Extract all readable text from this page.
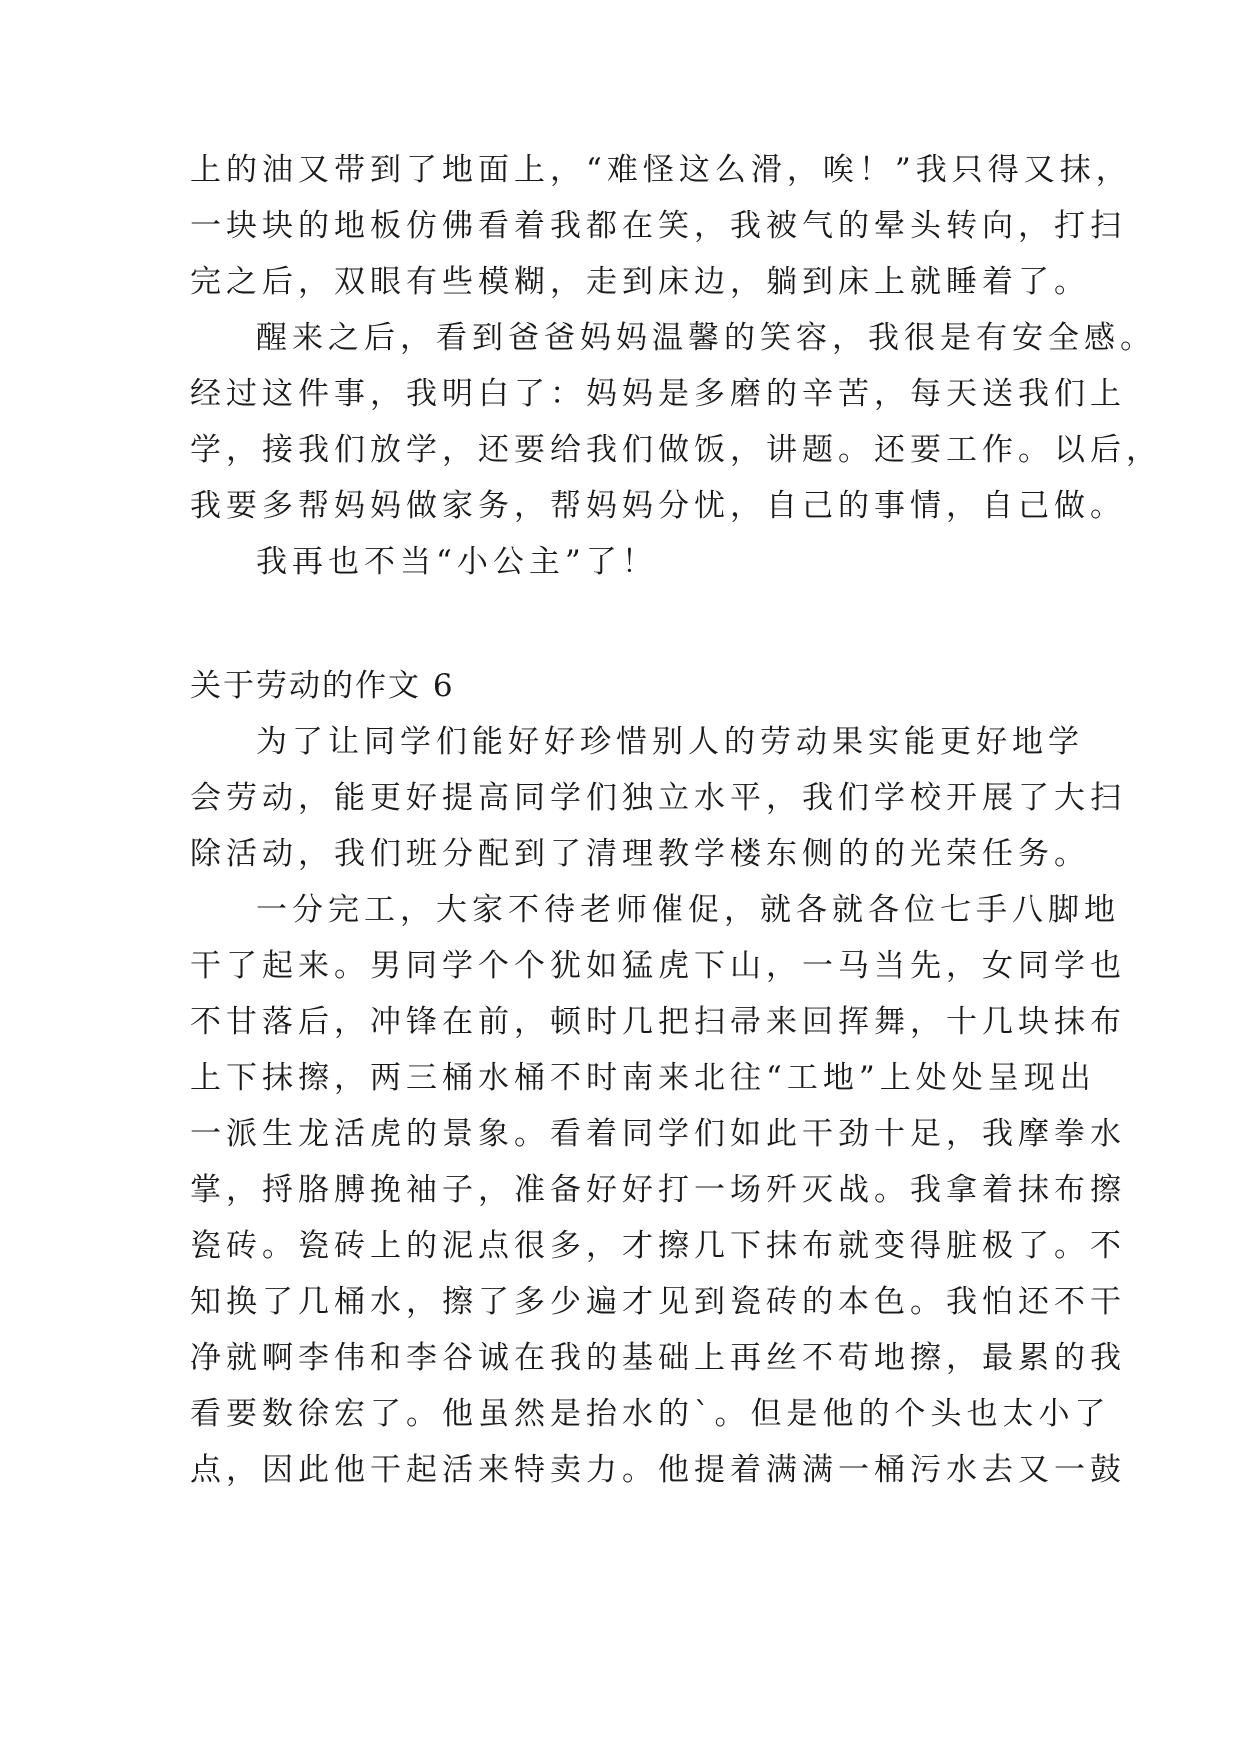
上的油又带到了地面上，“难怪这么滑，唉！”我只得又抹，
一块块的地板仿佛看着我都在笑，我被气的晕头转向，打扫
完之后，双眼有些模糊，走到床边，躺到床上就睡着了。
醒来之后，看到爸爸妈妈温馨的笑容，我很是有安全感。
经过这件事，我明白了：妈妈是多磨的辛苦，每天送我们上
学，接我们放学，还要给我们做饭，讲题。还要工作。以后，
我要多帮妈妈做家务，帮妈妈分忧，自己的事情，自己做。
我再也不当“小公主”了！
关于劳动的作文 6
为了让同学们能好好珍惜别人的劳动果实能更好地学
会劳动，能更好提高同学们独立水平，我们学校开展了大扫
除活动，我们班分配到了清理教学楼东侧的的光荣任务。
一分完工，大家不待老师催促，就各就各位七手八脚地
干了起来。男同学个个犹如猛虎下山，一马当先，女同学也
不甘落后，冲锋在前，顿时几把扫帚来回挥舞，十几块抹布
上下抹擦，两三桶水桶不时南来北往“工地”上处处呈现出
一派生龙活虎的景象。看着同学们如此干劲十足，我摩拳水
掌，捋胳膊挽袖子，准备好好打一场歼灭战。我拿着抹布擦
瓷砖。瓷砖上的泥点很多，才擦几下抹布就变得脏极了。不
知换了几桶水，擦了多少遍才见到瓷砖的本色。我怕还不干
净就啊李伟和李谷诚在我的基础上再丝不苟地擦，最累的我
看要数徐宏了。他虽然是抬水的`。但是他的个头也太小了
点，因此他干起活来特卖力。他提着满满一桶污水去又一鼓
